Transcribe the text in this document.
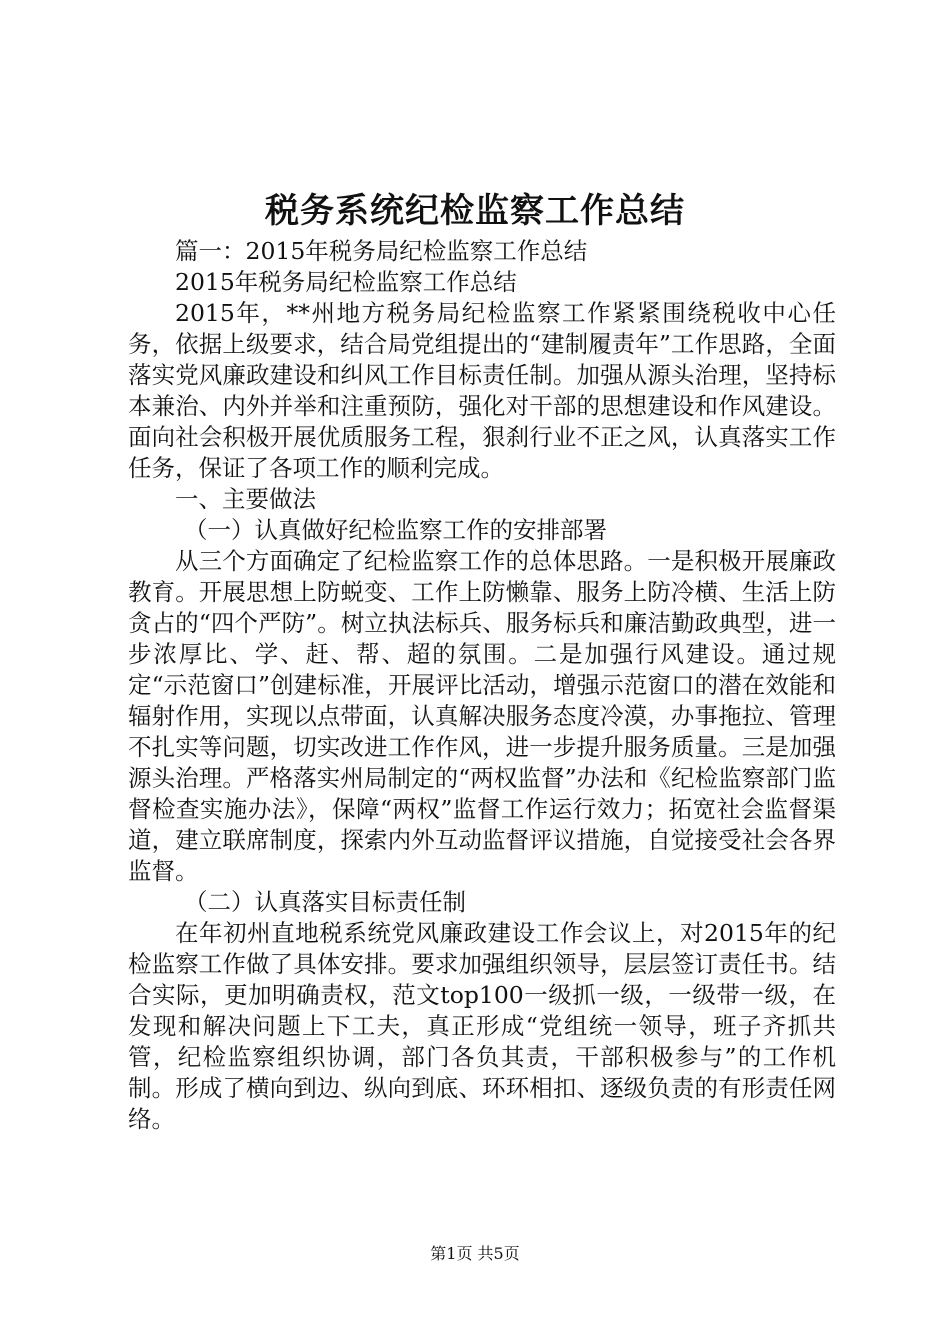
税务系统纪检监察工作总结

篇一：2015年税务局纪检监察工作总结

2015年税务局纪检监察工作总结

2015年，**州地方税务局纪检监察工作紧紧围绕税收中心任务，依据上级要求，结合局党组提出的“建制履责年”工作思路，全面落实党风廉政建设和纠风工作目标责任制。加强从源头治理，坚持标本兼治、内外并举和注重预防，强化对干部的思想建设和作风建设。面向社会积极开展优质服务工程，狠刹行业不正之风，认真落实工作任务，保证了各项工作的顺利完成。

一、主要做法

（一）认真做好纪检监察工作的安排部署

从三个方面确定了纪检监察工作的总体思路。一是积极开展廉政教育。开展思想上防蜕变、工作上防懒靠、服务上防冷横、生活上防贪占的“四个严防”。树立执法标兵、服务标兵和廉洁勤政典型，进一步浓厚比、学、赶、帮、超的氛围。二是加强行风建设。通过规定“示范窗口”创建标准，开展评比活动，增强示范窗口的潜在效能和辐射作用，实现以点带面，认真解决服务态度冷漠，办事拖拉、管理不扎实等问题，切实改进工作作风，进一步提升服务质量。三是加强源头治理。严格落实州局制定的“两权监督”办法和《纪检监察部门监督检查实施办法》，保障“两权”监督工作运行效力；拓宽社会监督渠道，建立联席制度，探索内外互动监督评议措施，自觉接受社会各界监督。

（二）认真落实目标责任制

在年初州直地税系统党风廉政建设工作会议上，对2015年的纪检监察工作做了具体安排。要求加强组织领导，层层签订责任书。结合实际，更加明确责权，范文top100一级抓一级，一级带一级，在发现和解决问题上下工夫，真正形成“党组统一领导，班子齐抓共管，纪检监察组织协调，部门各负其责，干部积极参与”的工作机制。形成了横向到边、纵向到底、环环相扣、逐级负责的有形责任网络。

第1页 共5页
